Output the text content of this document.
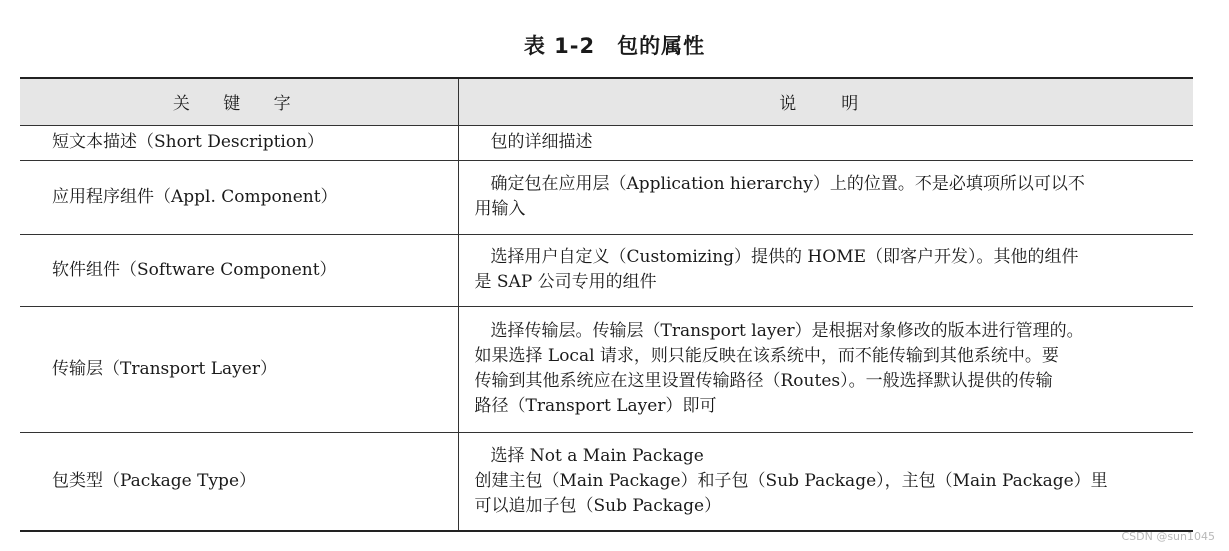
表 1-2　包的属性
关 键 字	说　明
短文本描述（Short Description）	包的详细描述

应用程序组件（Appl. Component）	确定包在应用层（Application hierarchy）上的位置。不是必填项所以可以不
用输入

软件组件（Software Component）	选择用户自定义（Customizing）提供的 HOME（即客户开发）。其他的组件
是 SAP 公司专用的组件

传输层（Transport Layer）	选择传输层。传输层（Transport layer）是根据对象修改的版本进行管理的。
如果选择 Local 请求，则只能反映在该系统中，而不能传输到其他系统中。要
传输到其他系统应在这里设置传输路径（Routes）。一般选择默认提供的传输
路径（Transport Layer）即可

包类型（Package Type）	选择 Not a Main Package
创建主包（Main Package）和子包（Sub Package），主包（Main Package）里
可以追加子包（Sub Package）
CSDN @sun1045
